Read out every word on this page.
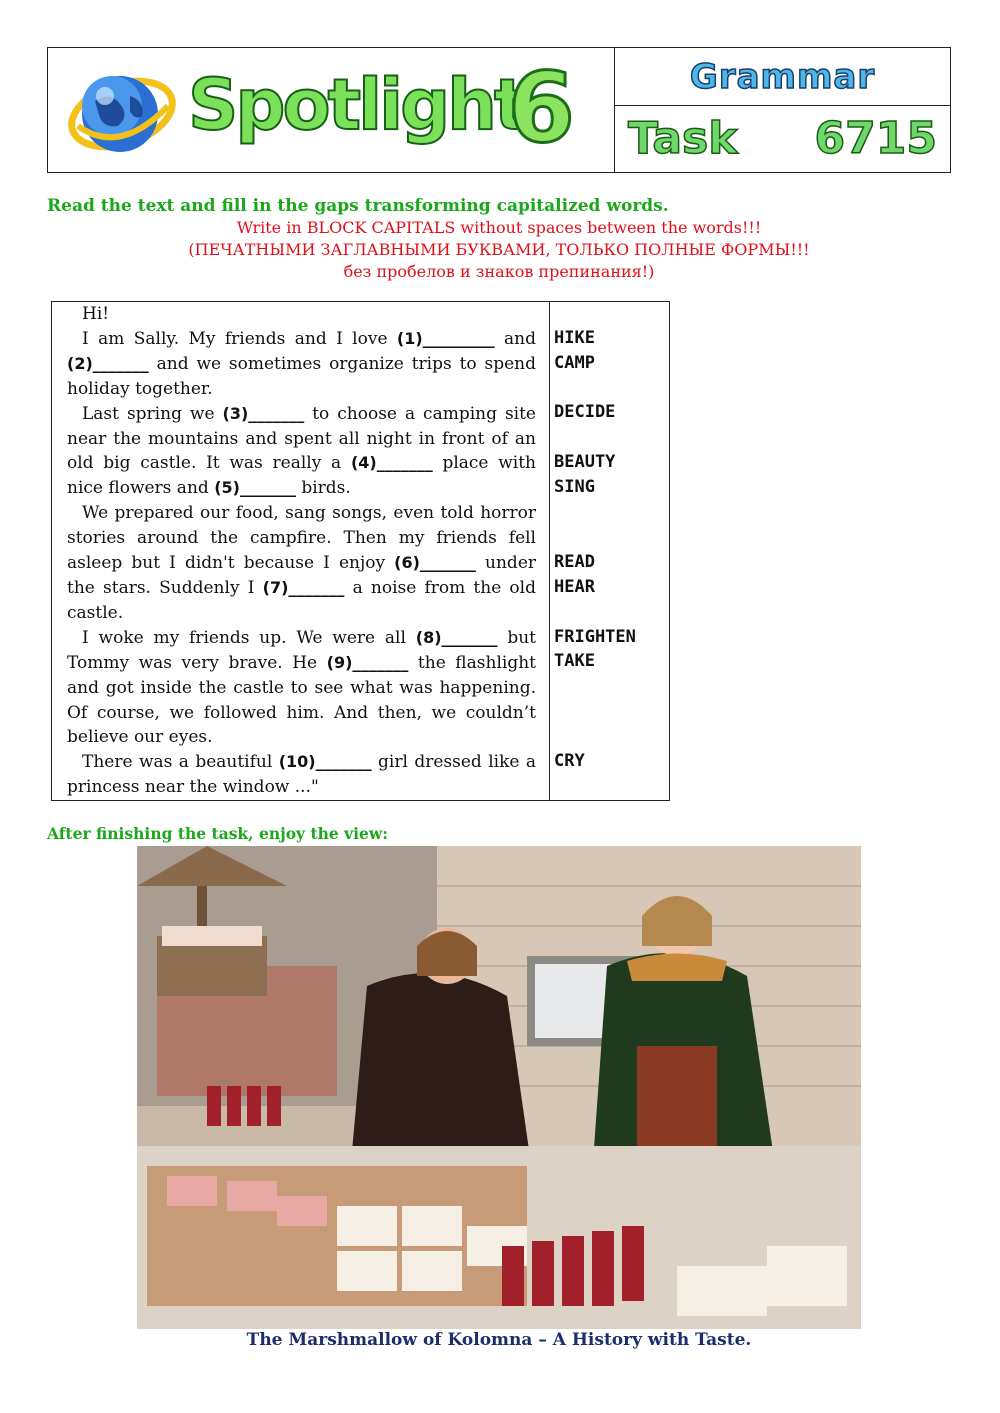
Spotlight
6	Grammar
Task 6715
Read the text and fill in the gaps transforming capitalized words.
Write in BLOCK CAPITALS without spaces between the words!!!
(ПЕЧАТНЫМИ ЗАГЛАВНЫМИ БУКВАМИ, ТОЛЬКО ПОЛНЫЕ ФОРМЫ!!!
без пробелов и знаков препинания!)

Hi!

I am Sally. My friends and I love (1)_________ and (2)_______ and we sometimes organize trips to spend holiday together.

Last spring we (3)_______ to choose a camping site near the mountains and spent all night in front of an old big castle. It was really a (4)_______ place with nice flowers and (5)_______ birds.

We prepared our food, sang songs, even told horror stories around the campfire. Then my friends fell asleep but I didn't because I enjoy (6)_______ under the stars. Suddenly I (7)_______ a noise from the old castle.

I woke my friends up. We were all (8)_______ but Tommy was very brave. He (9)_______ the flashlight and got inside the castle to see what was happening. Of course, we followed him. And then, we couldn’t believe our eyes.

There was a beautiful (10)_______ girl dressed like a princess near the window ..."

HIKE
CAMP
DECIDE
BEAUTY
SING
READ
HEAR
FRIGHTEN
TAKE
CRY
After finishing the task, enjoy the view:
The Marshmallow of Kolomna – A History with Taste.
